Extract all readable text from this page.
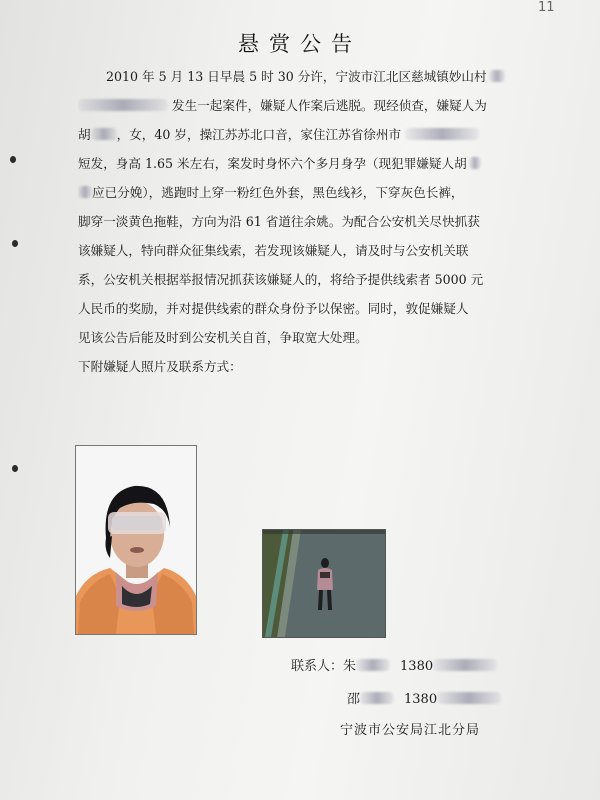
11
悬赏公告
2010 年 5 月 13 日早晨 5 时 30 分许，宁波市江北区慈城镇妙山村
发生一起案件，嫌疑人作案后逃脱。现经侦查，嫌疑人为
胡 ，女，40 岁，操江苏苏北口音，家住江苏省徐州市
短发，身高 1.65 米左右，案发时身怀六个多月身孕（现犯罪嫌疑人胡
应已分娩），逃跑时上穿一粉红色外套，黑色线衫，下穿灰色长裤，
脚穿一淡黄色拖鞋，方向为沿 61 省道往余姚。为配合公安机关尽快抓获
该嫌疑人，特向群众征集线索，若发现该嫌疑人，请及时与公安机关联
系，公安机关根据举报情况抓获该嫌疑人的，将给予提供线索者 5000 元
人民币的奖励，并对提供线索的群众身份予以保密。同时，敦促嫌疑人
见该公告后能及时到公安机关自首，争取宽大处理。
下附嫌疑人照片及联系方式：
联系人：朱	1380
邵	1380
宁波市公安局江北分局
